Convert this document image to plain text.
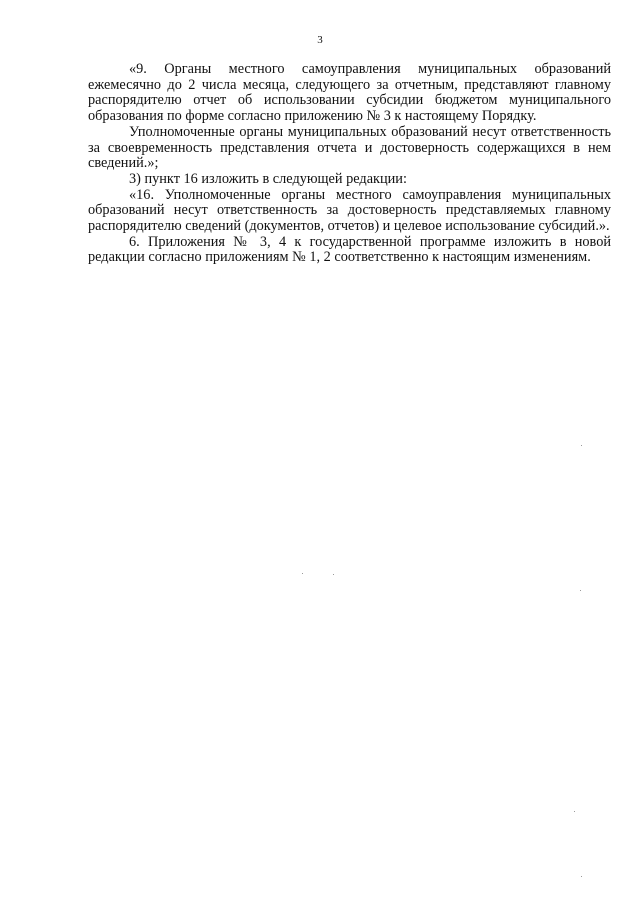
3

«9. Органы местного самоуправления муниципальных образований ежемесячно до 2 числа месяца, следующего за отчетным, представляют главному распорядителю отчет об использовании субсидии бюджетом муниципального образования по форме согласно приложению № 3 к настоящему Порядку.

Уполномоченные органы муниципальных образований несут ответственность за своевременность представления отчета и достоверность содержащихся в нем сведений.»;

3) пункт 16 изложить в следующей редакции:

«16. Уполномоченные органы местного самоуправления муниципальных образований несут ответственность за достоверность представляемых главному распорядителю сведений (документов, отчетов) и целевое использование субсидий.».

6. Приложения № 3, 4 к государственной программе изложить в новой редакции согласно приложениям № 1, 2 соответственно к настоящим изменениям.
